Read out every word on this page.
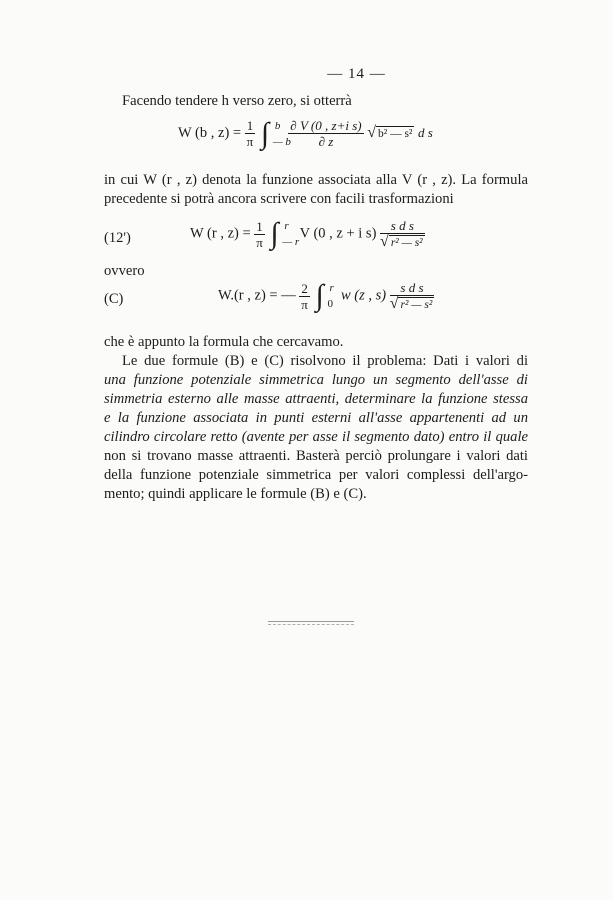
— 14 —
Facendo tendere h verso zero, si otterrà
W (b , $z) = \frac{1}{\pi}$ ∫ b
— b

$\frac{\text{∂ V (0 , z+i s)}}{\partial z}$ √ b² — s² d s
in cui W (r , z) denota la funzione associata alla V (r , z). La formula
precedente si potrà ancora scrivere con facili trasformazioni
(12')	W (r , $z) = \frac{1}{\pi}$ ∫ r
— r
V (0 , z + i $s) \frac{\text{s d s}}{\text{√ r² — s²}}$
ovvero
(C)	W.(r , z) = — $\frac{2}{\pi}$ ∫ r
0
w (z , $s) \frac{\text{s d s}}{\text{√ r² — s²}}$
che è appunto la formula che cercavamo.
Le due formule (B) e (C) risolvono il problema: Dati i valori di
una funzione potenziale simmetrica lungo un segmento dell'asse di
simmetria esterno alle masse attraenti, determinare la funzione stessa
e la funzione associata in punti esterni all'asse appartenenti ad un
cilindro circolare retto (avente per asse il segmento dato) entro il quale
non si trovano masse attraenti. Basterà perciò prolungare i valori dati
della funzione potenziale simmetrica per valori complessi dell'argo-
mento; quindi applicare le formule (B) e (C).
